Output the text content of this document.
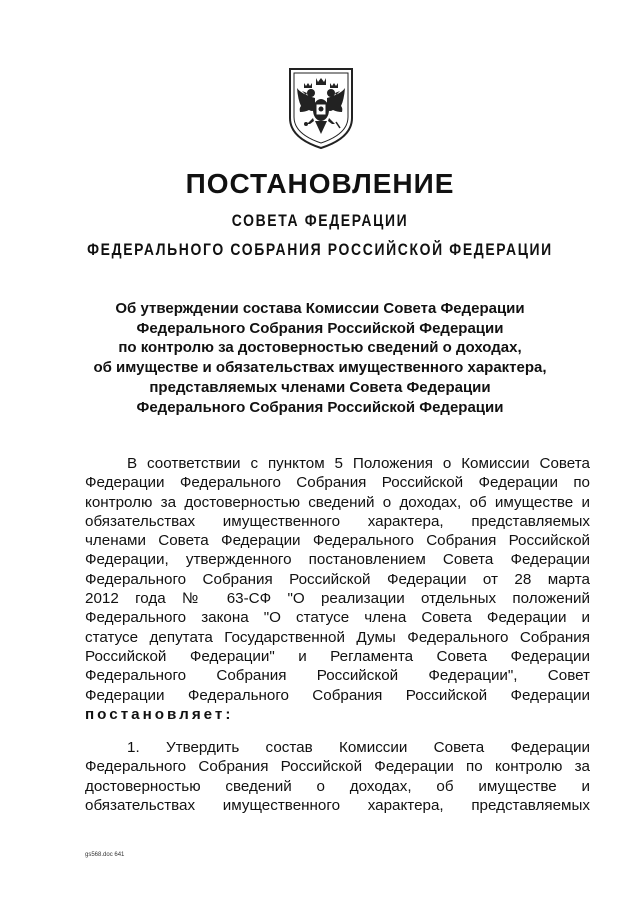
ПОСТАНОВЛЕНИЕ
СОВЕТА ФЕДЕРАЦИИ
ФЕДЕРАЛЬНОГО СОБРАНИЯ РОССИЙСКОЙ ФЕДЕРАЦИИ
Об утверждении состава Комиссии Совета Федерации
Федерального Собрания Российской Федерации
по контролю за достоверностью сведений о доходах,
об имуществе и обязательствах имущественного характера,
представляемых членами Совета Федерации
Федерального Собрания Российской Федерации
В соответствии с пунктом 5 Положения о Комиссии Совета
Федерации Федерального Собрания Российской Федерации по
контролю за достоверностью сведений о доходах, об имуществе и
обязательствах имущественного характера, представляемых
членами Совета Федерации Федерального Собрания Российской
Федерации, утвержденного постановлением Совета Федерации
Федерального Собрания Российской Федерации от 28 марта
2012 года № 63-СФ "О реализации отдельных положений
Федерального закона "О статусе члена Совета Федерации и
статусе депутата Государственной Думы Федерального Собрания
Российской Федерации" и Регламента Совета Федерации
Федерального Собрания Российской Федерации", Совет
Федерации Федерального Собрания Российской Федерации
постановляет:
1. Утвердить состав Комиссии Совета Федерации
Федерального Собрания Российской Федерации по контролю за
достоверностью сведений о доходах, об имуществе и
обязательствах имущественного характера, представляемых
gs568.doc 641
